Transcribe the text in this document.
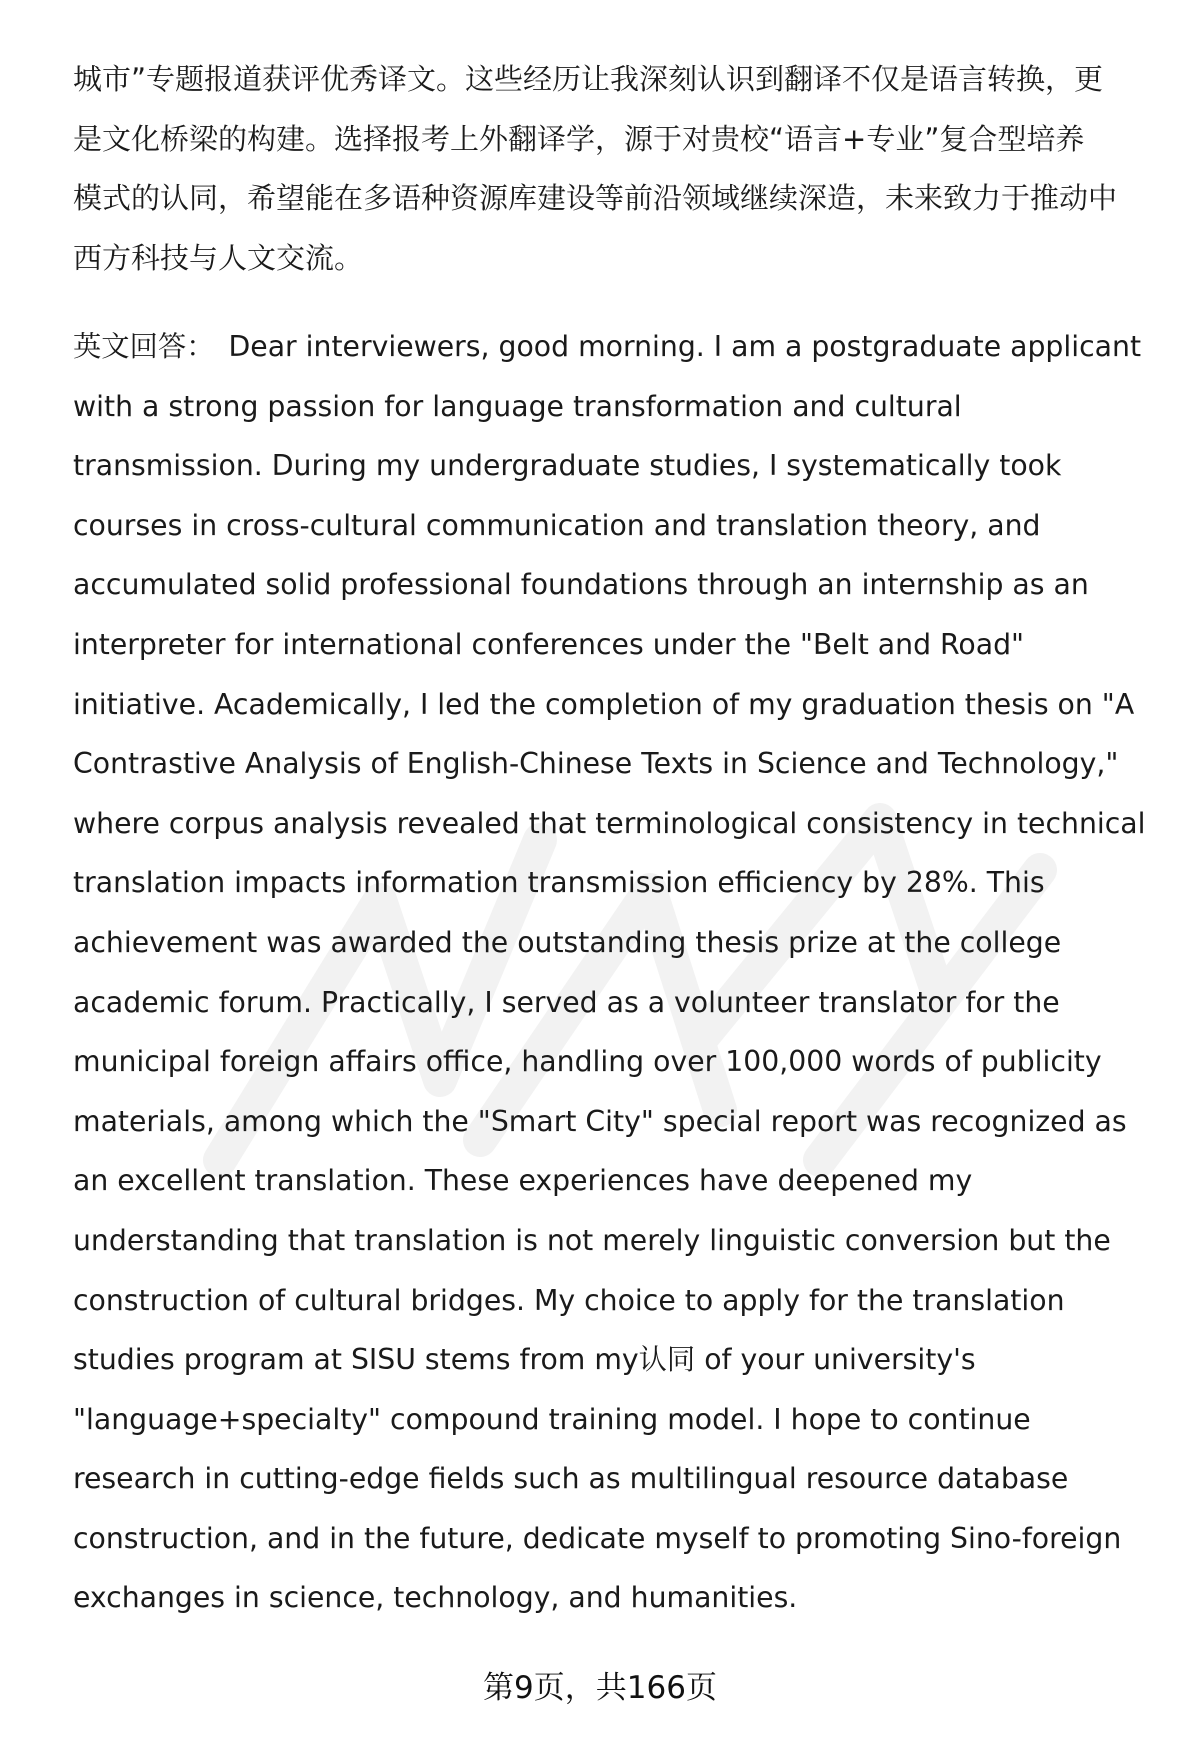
城市”专题报道获评优秀译文。这些经历让我深刻认识到翻译不仅是语言转换，更
是文化桥梁的构建。选择报考上外翻译学，源于对贵校“语言+专业”复合型培养
模式的认同，希望能在多语种资源库建设等前沿领域继续深造，未来致力于推动中
西方科技与人文交流。
英文回答： Dear interviewers, good morning. I am a postgraduate applicant
with a strong passion for language transformation and cultural
transmission. During my undergraduate studies, I systematically took
courses in cross-cultural communication and translation theory, and
accumulated solid professional foundations through an internship as an
interpreter for international conferences under the "Belt and Road"
initiative. Academically, I led the completion of my graduation thesis on "A
Contrastive Analysis of English-Chinese Texts in Science and Technology,"
where corpus analysis revealed that terminological consistency in technical
translation impacts information transmission efficiency by 28%. This
achievement was awarded the outstanding thesis prize at the college
academic forum. Practically, I served as a volunteer translator for the
municipal foreign affairs office, handling over 100,000 words of publicity
materials, among which the "Smart City" special report was recognized as
an excellent translation. These experiences have deepened my
understanding that translation is not merely linguistic conversion but the
construction of cultural bridges. My choice to apply for the translation
studies program at SISU stems from my认同 of your university's
"language+specialty" compound training model. I hope to continue
research in cutting-edge fields such as multilingual resource database
construction, and in the future, dedicate myself to promoting Sino-foreign
exchanges in science, technology, and humanities.
第9页，共166页
